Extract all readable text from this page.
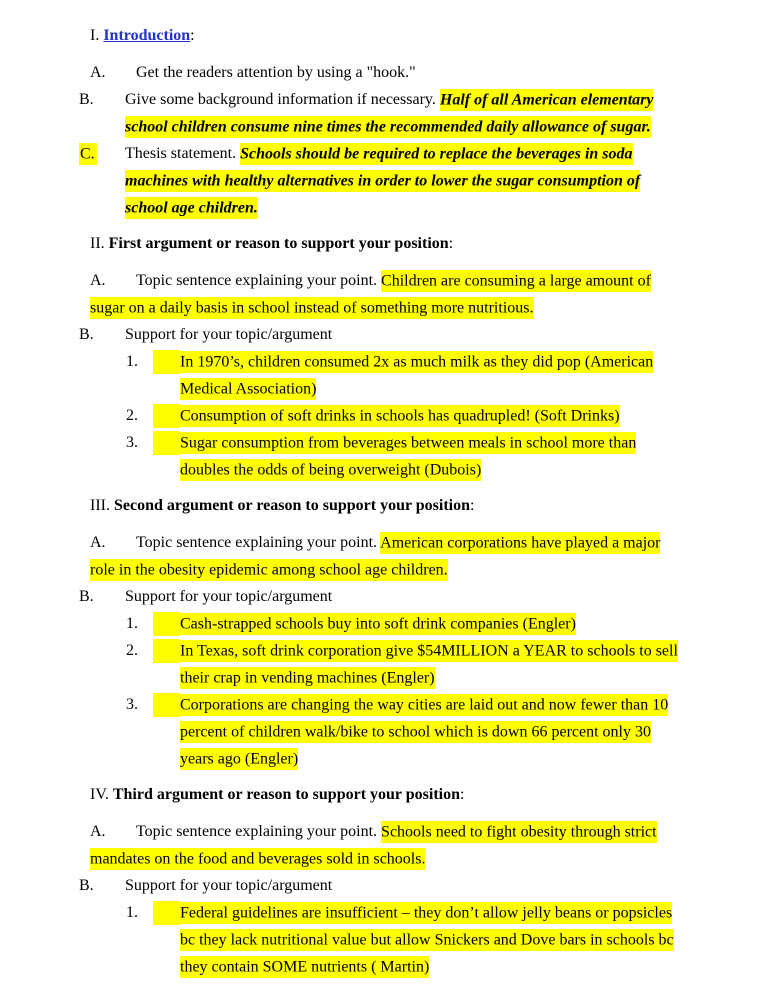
I. Introduction:

A. Get the readers attention by using a "hook."

B. Give some background information if necessary. Half of all American elementary school children consume nine times the recommended daily allowance of sugar.

C. Thesis statement. Schools should be required to replace the beverages in soda machines with healthy alternatives in order to lower the sugar consumption of school age children.

II. First argument or reason to support your position:

A. Topic sentence explaining your point. Children are consuming a large amount of sugar on a daily basis in school instead of something more nutritious.

B. Support for your topic/argument

1.	In 1970’s, children consumed 2x as much milk as they did pop (American Medical Association)

2.	Consumption of soft drinks in schools has quadrupled! (Soft Drinks)

3.	Sugar consumption from beverages between meals in school more than doubles the odds of being overweight (Dubois)

III. Second argument or reason to support your position:

A. Topic sentence explaining your point. American corporations have played a major role in the obesity epidemic among school age children.

B. Support for your topic/argument

1.	Cash-strapped schools buy into soft drink companies (Engler)

2.	In Texas, soft drink corporation give $54MILLION a YEAR to schools to sell their crap in vending machines (Engler)

3.	Corporations are changing the way cities are laid out and now fewer than 10 percent of children walk/bike to school which is down 66 percent only 30 years ago (Engler)

IV. Third argument or reason to support your position:

A. Topic sentence explaining your point. Schools need to fight obesity through strict mandates on the food and beverages sold in schools.

B. Support for your topic/argument

1.	Federal guidelines are insufficient – they don’t allow jelly beans or popsicles bc they lack nutritional value but allow Snickers and Dove bars in schools bc they contain SOME nutrients ( Martin)
